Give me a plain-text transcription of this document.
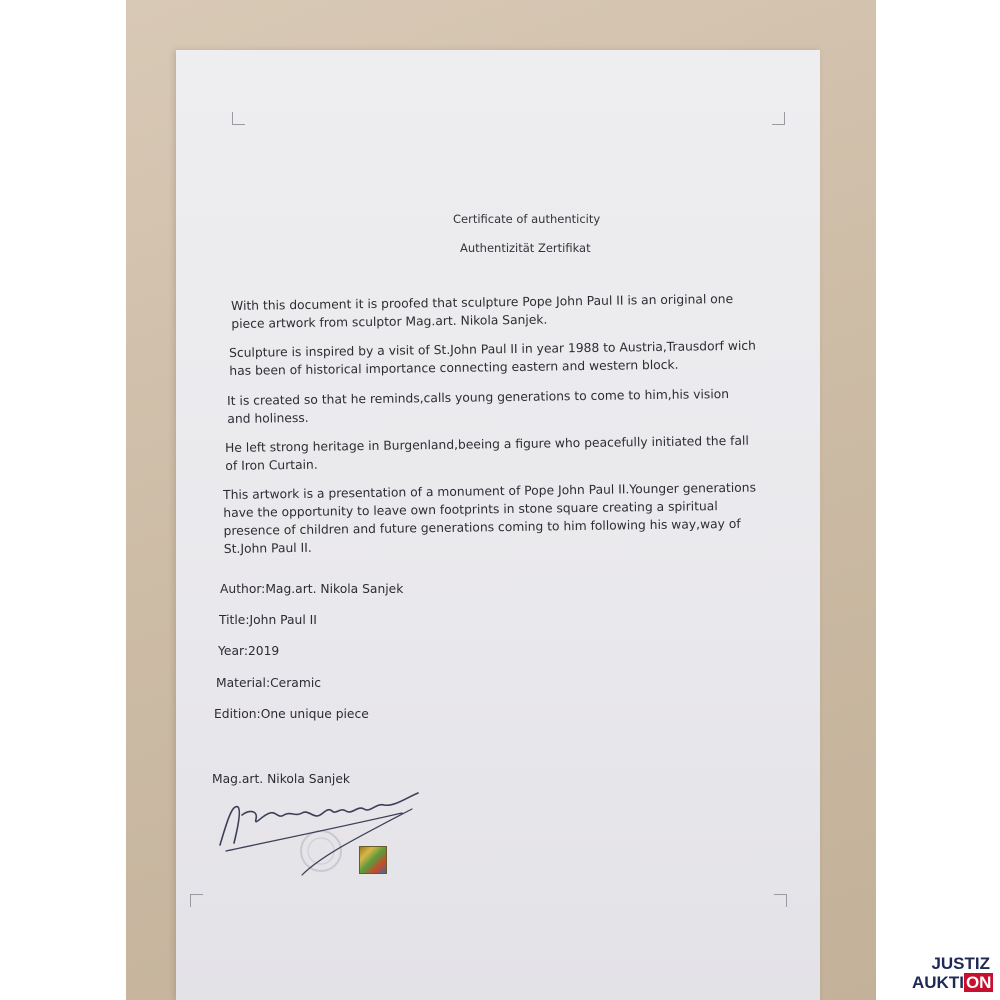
Certificate of authenticity
Authentizität Zertifikat

With this document it is proofed that sculpture Pope John Paul II is an original one piece artwork from sculptor Mag.art. Nikola Sanjek.

Sculpture is inspired by a visit of St.John Paul II in year 1988 to Austria,Trausdorf wich has been of historical importance connecting eastern and western block.

It is created so that he reminds,calls young generations to come to him,his vision and holiness.

He left strong heritage in Burgenland,beeing a figure who peacefully initiated the fall of Iron Curtain.

This artwork is a presentation of a monument of Pope John Paul II.Younger generations have the opportunity to leave own footprints in stone square creating a spiritual presence of children and future generations coming to him following his way,way of St.John Paul II.

Author:Mag.art. Nikola Sanjek
Title:John Paul II
Year:2019
Material:Ceramic
Edition:One unique piece
Mag.art. Nikola Sanjek
JUSTIZ
AUKTI ON
